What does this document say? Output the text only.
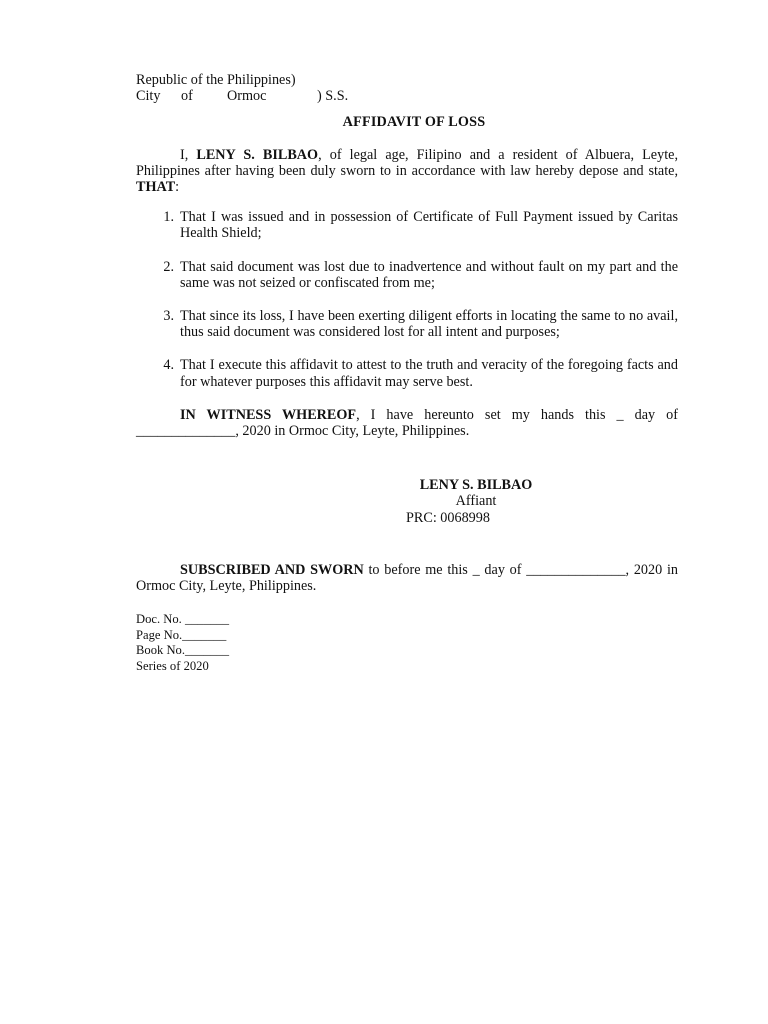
Republic of the Philippines)
City	of	Ormoc	) S.S.
AFFIDAVIT OF LOSS

I, LENY S. BILBAO, of legal age, Filipino and a resident of Albuera, Leyte, Philippines after having been duly sworn to in accordance with law hereby depose and state, THAT:

1. That I was issued and in possession of Certificate of Full Payment issued by Caritas Health Shield;
2. That said document was lost due to inadvertence and without fault on my part and the same was not seized or confiscated from me;
3. That since its loss, I have been exerting diligent efforts in locating the same to no avail, thus said document was considered lost for all intent and purposes;
4. That I execute this affidavit to attest to the truth and veracity of the foregoing facts and for whatever purposes this affidavit may serve best.

IN WITNESS WHEREOF, I have hereunto set my hands this _ day of ______________, 2020 in Ormoc City, Leyte, Philippines.

LENY S. BILBAO
Affiant
PRC: 0068998

SUBSCRIBED AND SWORN to before me this _ day of ______________, 2020 in Ormoc City, Leyte, Philippines.

Doc. No. _______
Page No._______
Book No._______
Series of 2020
